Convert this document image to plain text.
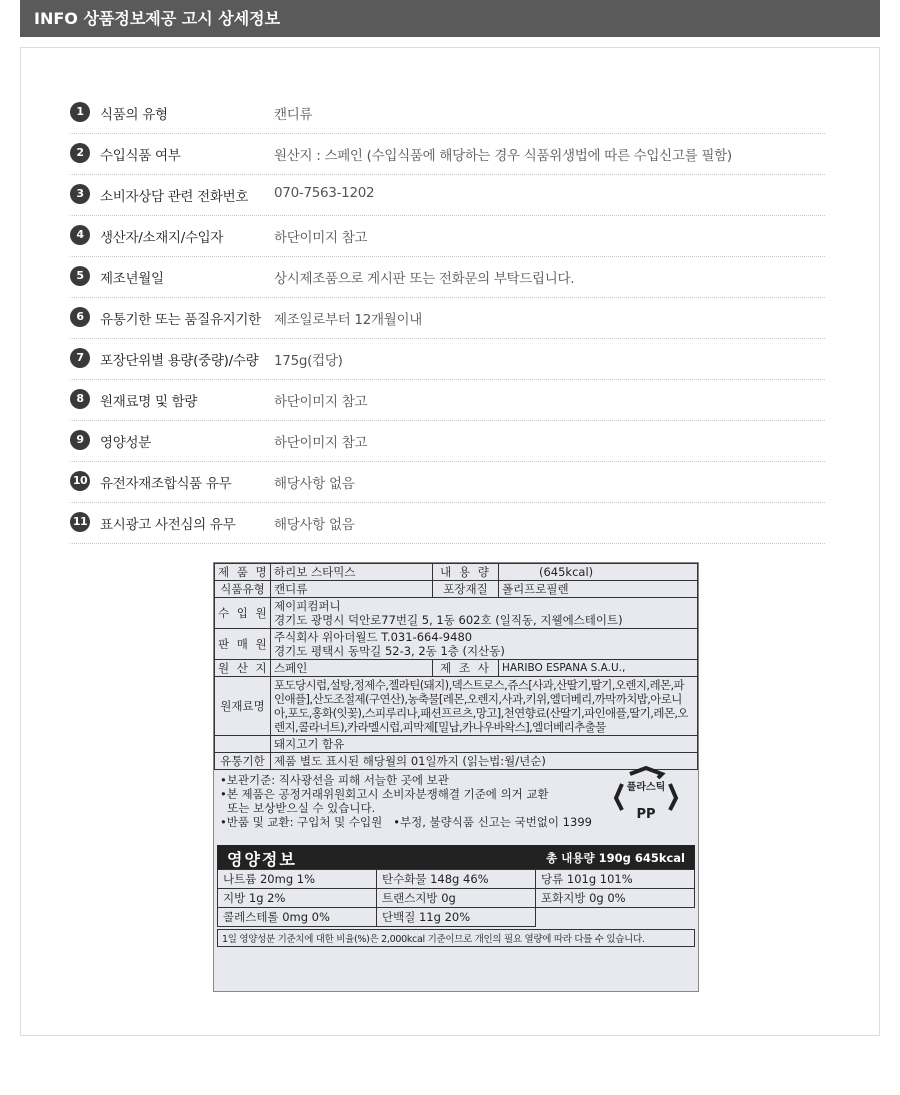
INFO 상품정보제공 고시 상세정보
1	식품의 유형	캔디류
2	수입식품 여부	원산지 : 스페인 (수입식품에 해당하는 경우 식품위생법에 따른 수입신고를 필함)
3	소비자상담 관련 전화번호 070-7563-1202
4	생산자/소재지/수입자	하단이미지 참고
5	제조년월일	상시제조품으로 게시판 또는 전화문의 부탁드립니다.
6	유통기한 또는 품질유지기한 제조일로부터 12개월이내
7	포장단위별 용량(중량)/수량 175g(컵당)
8	원재료명 및 함량	하단이미지 참고
9	영양성분	하단이미지 참고
10 유전자재조합식품 유무	해당사항 없음
11 표시광고 사전심의 유무	해당사항 없음
제 품 명	하리보 스타믹스	내 용 량	(645kcal)
식품유형	캔디류	포장재질	폴리프로필렌
수 입 원	제이피컴퍼니
경기도 광명시 덕안로77번길 5, 1동 602호 (일직동, 지웰에스테이트)		

판 매 원	주식회사 위아더월드 T.031-664-9480
경기도 평택시 동막길 52-3, 2동 1층 (지산동)		

원 산 지	스페인	제 조 사	HARIBO ESPANA S.A.U.,
원재료명	포도당시럽,설탕,정제수,젤라틴(돼지),덱스트로스,쥬스[사과,산딸기,딸기,오렌지,레몬,파인애플],산도조절제(구연산),농축물[레몬,오렌지,사과,키위,엘더베리,까막까치밥,아로니아,포도,홍화(잇꽃),스피루리나,패션프르츠,망고],천연향료(산딸기,파인애플,딸기,레몬,오렌지,콜라너트),카라멜시럽,피막제[밀납,카나우바왁스],엘더베리추출물		
	돼지고기 함유		
유통기한	제품 별도 표시된 해당월의 01일까지 (읽는법:월/년순)		
•보관기준: 직사광선을 피해 서늘한 곳에 보관
•본 제품은 공정거래위원회고시 소비자분쟁해결 기준에 의거 교환
또는 보상받으실 수 있습니다.
•반품 및 교환: 구입처 및 수입원   •부정, 불량식품 신고는 국번없이 1399
플라스틱
PP
영양정보	총 내용량 190g 645kcal
나트륨 20mg 1%	탄수화물 148g 46%	당류 101g 101%
지방 1g 2%	트랜스지방 0g	포화지방 0g 0%
콜레스테롤 0mg 0%	단백질 11g 20%	
1일 영양성분 기준치에 대한 비율(%)은 2,000kcal 기준이므로 개인의 필요 열량에 따라 다를 수 있습니다.
